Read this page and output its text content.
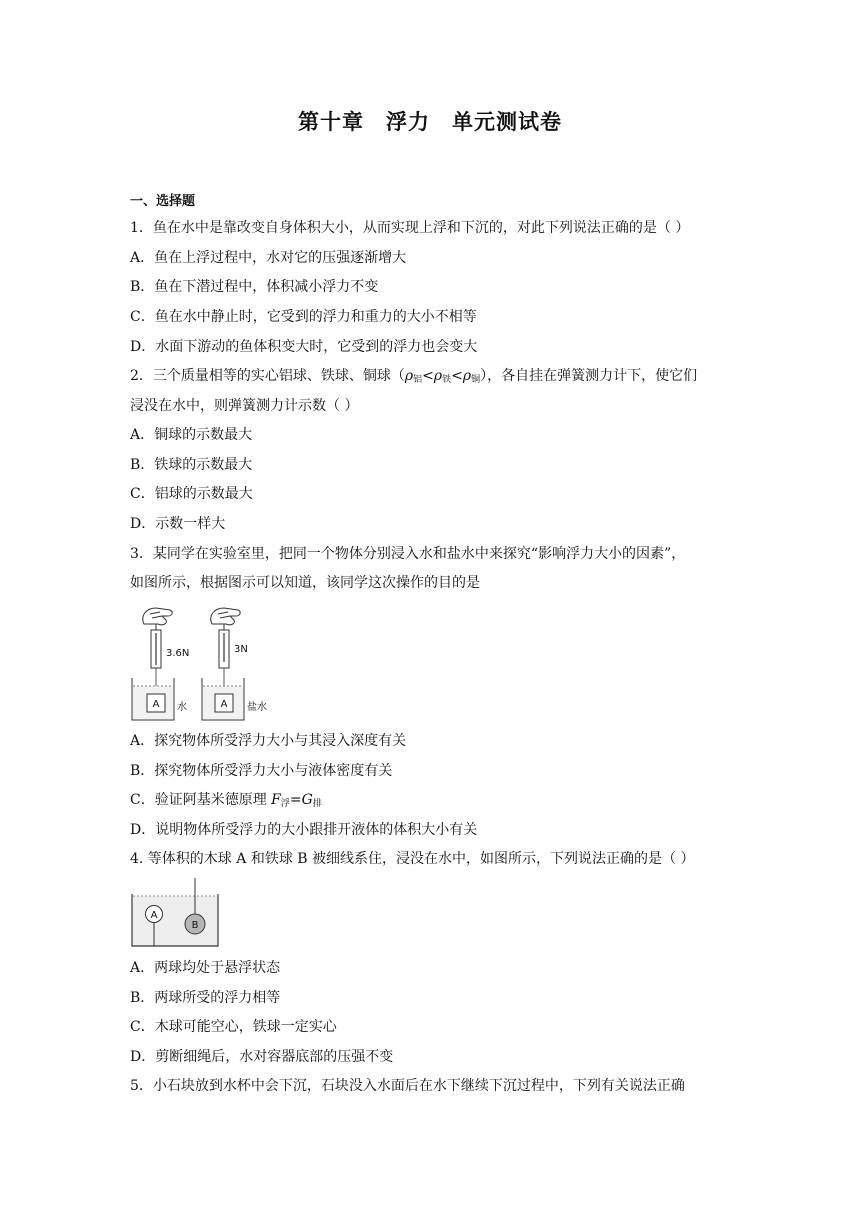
第十章　浮力　单元测试卷
一、选择题
1．鱼在水中是靠改变自身体积大小，从而实现上浮和下沉的，对此下列说法正确的是（ ）
A．鱼在上浮过程中，水对它的压强逐渐增大
B．鱼在下潜过程中，体积减小浮力不变
C．鱼在水中静止时，它受到的浮力和重力的大小不相等
D．水面下游动的鱼体积变大时，它受到的浮力也会变大
2．三个质量相等的实心铝球、铁球、铜球$(\rho_铝<\rho_铁<\rho_铜)$，各自挂在弹簧测力计下，使它们
浸没在水中，则弹簧测力计示数（ ）
A．铜球的示数最大
B．铁球的示数最大
C．铝球的示数最大
D．示数一样大
3．某同学在实验室里，把同一个物体分别浸入水和盐水中来探究“影响浮力大小的因素”，
如图所示，根据图示可以知道，该同学这次操作的目的是
3.6N
A 水
3N
A 盐水
A．探究物体所受浮力大小与其浸入深度有关
B．探究物体所受浮力大小与液体密度有关
C．验证阿基米德原理 $F_浮=G_排$
D．说明物体所受浮力的大小跟排开液体的体积大小有关
4. 等体积的木球 A 和铁球 B 被细线系住，浸没在水中，如图所示，下列说法正确的是（ ）
A
B
A．两球均处于悬浮状态
B．两球所受的浮力相等
C．木球可能空心，铁球一定实心
D．剪断细绳后，水对容器底部的压强不变
5．小石块放到水杯中会下沉，石块没入水面后在水下继续下沉过程中，下列有关说法正确
